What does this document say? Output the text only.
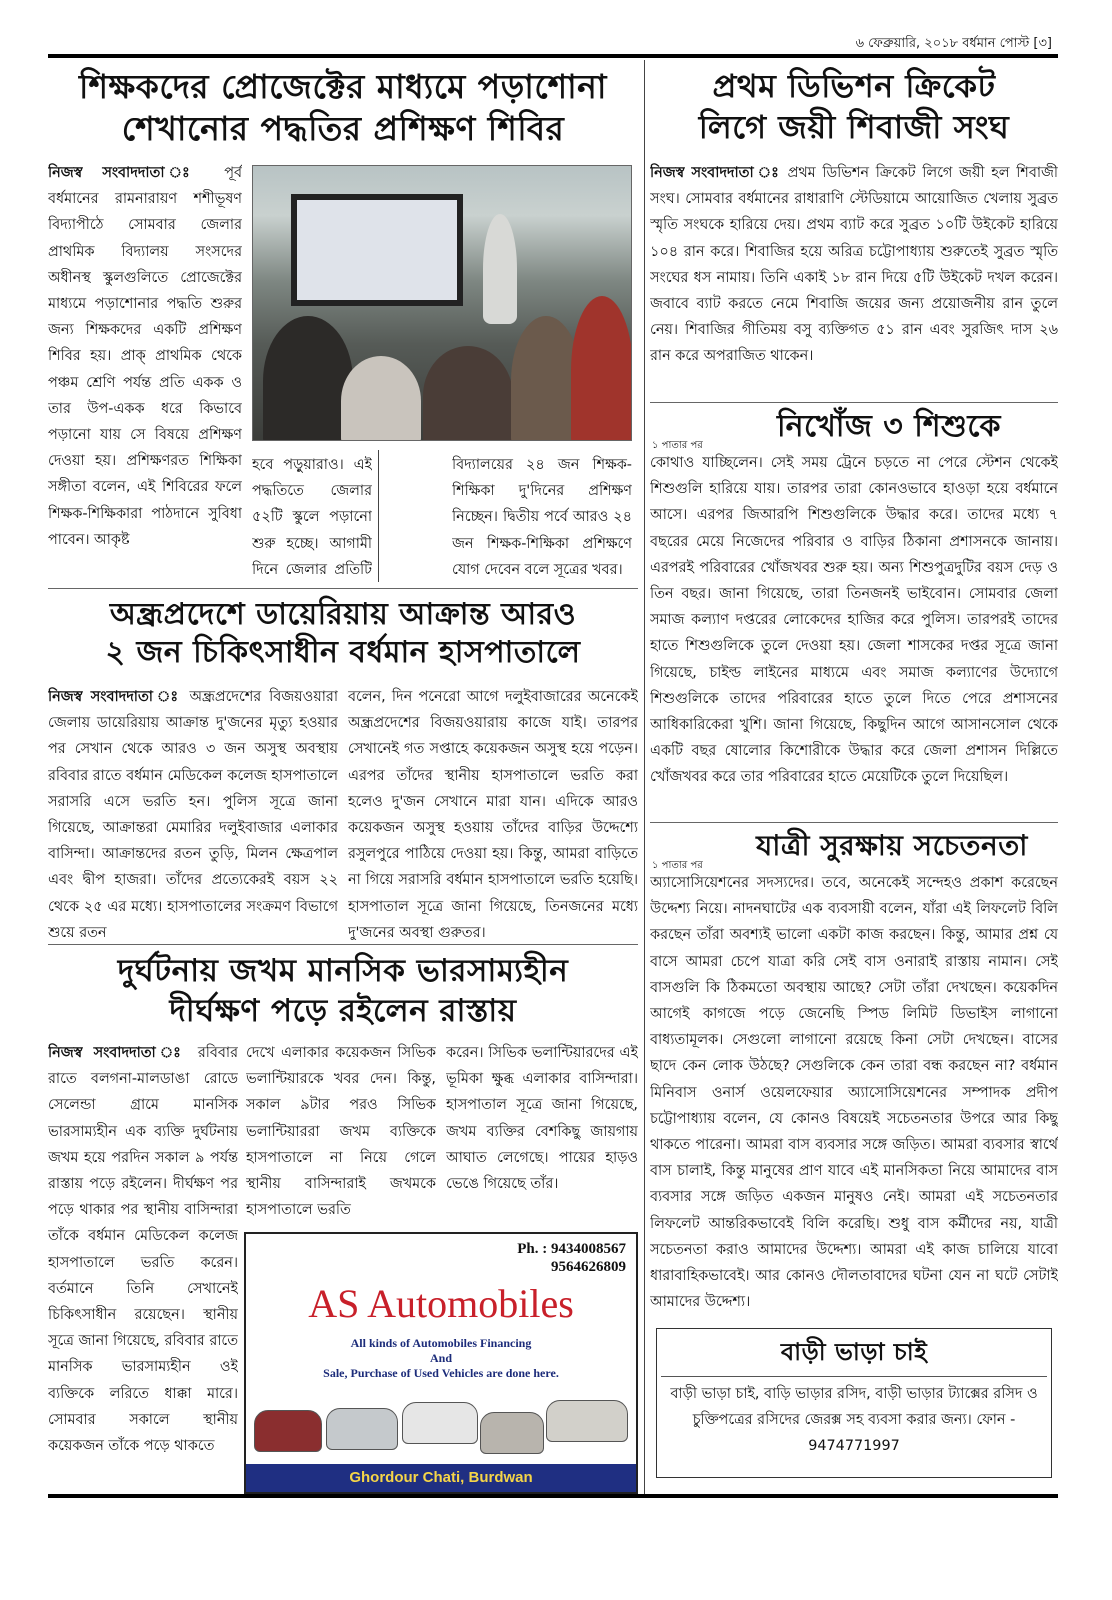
৬ ফেব্রুয়ারি, ২০১৮ বর্ধমান পোস্ট [৩]
শিক্ষকদের প্রোজেক্টের মাধ্যমে পড়াশোনা
শেখানোর পদ্ধতির প্রশিক্ষণ শিবির
নিজস্ব সংবাদদাতা ঃ পূর্ব বর্ধমানের রামনারায়ণ শশীভূষণ বিদ্যাপীঠে সোমবার জেলার প্রাথমিক বিদ্যালয় সংসদের অধীনস্থ স্কুলগুলিতে প্রোজেক্টের মাধ্যমে পড়াশোনার পদ্ধতি শুরুর জন্য শিক্ষকদের একটি প্রশিক্ষণ শিবির হয়। প্রাক্ প্রাথমিক থেকে পঞ্চম শ্রেণি পর্যন্ত প্রতি একক ও তার উপ-একক ধরে কিভাবে পড়ানো যায় সে বিষয়ে প্রশিক্ষণ দেওয়া হয়। প্রশিক্ষণরত শিক্ষিকা সঙ্গীতা বলেন, এই শিবিরের ফলে শিক্ষক-শিক্ষিকারা পাঠদানে সুবিধা পাবেন। আকৃষ্ট
হবে পড়ুয়ারাও। এই পদ্ধতিতে জেলার ৫২টি স্কুলে পড়ানো শুরু হচ্ছে। আগামী দিনে জেলার প্রতিটি
বিদ্যালয়ের ২৪ জন শিক্ষক-শিক্ষিকা দু'দিনের প্রশিক্ষণ নিচ্ছেন। দ্বিতীয় পর্বে আরও ২৪ জন শিক্ষক-শিক্ষিকা প্রশিক্ষণে যোগ দেবেন বলে সূত্রের খবর।
অন্ধ্রপ্রদেশে ডায়েরিয়ায় আক্রান্ত আরও
২ জন চিকিৎসাধীন বর্ধমান হাসপাতালে
নিজস্ব সংবাদদাতা ঃ অন্ধ্রপ্রদেশের বিজয়ওয়ারা জেলায় ডায়েরিয়ায় আক্রান্ত দু'জনের মৃত্যু হওয়ার পর সেখান থেকে আরও ৩ জন অসুস্থ অবস্থায় রবিবার রাতে বর্ধমান মেডিকেল কলেজ হাসপাতালে সরাসরি এসে ভরতি হন। পুলিস সূত্রে জানা গিয়েছে, আক্রান্তরা মেমারির দলুইবাজার এলাকার বাসিন্দা। আক্রান্তদের রতন তুড়ি, মিলন ক্ষেত্রপাল এবং দ্বীপ হাজরা। তাঁদের প্রত্যেকেরই বয়স ২২ থেকে ২৫ এর মধ্যে। হাসপাতালের সংক্রমণ বিভাগে শুয়ে রতন
বলেন, দিন পনেরো আগে দলুইবাজারের অনেকেই অন্ধ্রপ্রদেশের বিজয়ওয়ারায় কাজে যাই। তারপর সেখানেই গত সপ্তাহে কয়েকজন অসুস্থ হয়ে পড়েন। এরপর তাঁদের স্থানীয় হাসপাতালে ভরতি করা হলেও দু'জন সেখানে মারা যান। এদিকে আরও কয়েকজন অসুস্থ হওয়ায় তাঁদের বাড়ির উদ্দেশ্যে রসুলপুরে পাঠিয়ে দেওয়া হয়। কিন্তু, আমরা বাড়িতে না গিয়ে সরাসরি বর্ধমান হাসপাতালে ভরতি হয়েছি। হাসপাতাল সূত্রে জানা গিয়েছে, তিনজনের মধ্যে দু'জনের অবস্থা গুরুতর।
দুর্ঘটনায় জখম মানসিক ভারসাম্যহীন
দীর্ঘক্ষণ পড়ে রইলেন রাস্তায়
নিজস্ব সংবাদদাতা ঃ রবিবার রাতে বলগনা-মালডাঙা রোডে সেলেন্ডা গ্রামে মানসিক ভারসাম্যহীন এক ব্যক্তি দুর্ঘটনায় জখম হয়ে পরদিন সকাল ৯ পর্যন্ত রাস্তায় পড়ে রইলেন। দীর্ঘক্ষণ পর পড়ে থাকার পর স্থানীয় বাসিন্দারা তাঁকে বর্ধমান মেডিকেল কলেজ হাসপাতালে ভরতি করেন। বর্তমানে তিনি সেখানেই চিকিৎসাধীন রয়েছেন। স্থানীয় সূত্রে জানা গিয়েছে, রবিবার রাতে মানসিক ভারসাম্যহীন ওই ব্যক্তিকে লরিতে ধাক্কা মারে। সোমবার সকালে স্থানীয় কয়েকজন তাঁকে পড়ে থাকতে
দেখে এলাকার কয়েকজন সিভিক ভলান্টিয়ারকে খবর দেন। কিন্তু, সকাল ৯টার পরও সিভিক ভলান্টিয়াররা জখম ব্যক্তিকে হাসপাতালে না নিয়ে গেলে স্থানীয় বাসিন্দারাই জখমকে হাসপাতালে ভরতি
করেন। সিভিক ভলান্টিয়ারদের এই ভূমিকা ক্ষুব্ধ এলাকার বাসিন্দারা। হাসপাতাল সূত্রে জানা গিয়েছে, জখম ব্যক্তির বেশকিছু জায়গায় আঘাত লেগেছে। পায়ের হাড়ও ভেঙে গিয়েছে তাঁর।
Ph. : 9434008567
9564626809
AS Automobiles
All kinds of Automobiles Financing
And
Sale, Purchase of Used Vehicles are done here.
Ghordour Chati, Burdwan
প্রথম ডিভিশন ক্রিকেট
লিগে জয়ী শিবাজী সংঘ
নিজস্ব সংবাদদাতা ঃ প্রথম ডিভিশন ক্রিকেট লিগে জয়ী হল শিবাজী সংঘ। সোমবার বর্ধমানের রাধারাণি স্টেডিয়ামে আয়োজিত খেলায় সুব্রত স্মৃতি সংঘকে হারিয়ে দেয়। প্রথম ব্যাট করে সুব্রত ১০টি উইকেট হারিয়ে ১০৪ রান করে। শিবাজির হয়ে অরিত্র চট্টোপাধ্যায় শুরুতেই সুব্রত স্মৃতি সংঘের ধস নামায়। তিনি একাই ১৮ রান দিয়ে ৫টি উইকেট দখল করেন। জবাবে ব্যাট করতে নেমে শিবাজি জয়ের জন্য প্রয়োজনীয় রান তুলে নেয়। শিবাজির গীতিময় বসু ব্যক্তিগত ৫১ রান এবং সুরজিৎ দাস ২৬ রান করে অপরাজিত থাকেন।
১ পাতার পর
নিখোঁজ ৩ শিশুকে
কোথাও যাচ্ছিলেন। সেই সময় ট্রেনে চড়তে না পেরে স্টেশন থেকেই শিশুগুলি হারিয়ে যায়। তারপর তারা কোনওভাবে হাওড়া হয়ে বর্ধমানে আসে। এরপর জিআরপি শিশুগুলিকে উদ্ধার করে। তাদের মধ্যে ৭ বছরের মেয়ে নিজেদের পরিবার ও বাড়ির ঠিকানা প্রশাসনকে জানায়। এরপরই পরিবারের খোঁজখবর শুরু হয়। অন্য শিশুপুত্রদুটির বয়স দেড় ও তিন বছর। জানা গিয়েছে, তারা তিনজনই ভাইবোন। সোমবার জেলা সমাজ কল্যাণ দপ্তরের লোকেদের হাজির করে পুলিস। তারপরই তাদের হাতে শিশুগুলিকে তুলে দেওয়া হয়। জেলা শাসকের দপ্তর সূত্রে জানা গিয়েছে, চাইল্ড লাইনের মাধ্যমে এবং সমাজ কল্যাণের উদ্যোগে শিশুগুলিকে তাদের পরিবারের হাতে তুলে দিতে পেরে প্রশাসনের আধিকারিকেরা খুশি। জানা গিয়েছে, কিছুদিন আগে আসানসোল থেকে একটি বছর ষোলোর কিশোরীকে উদ্ধার করে জেলা প্রশাসন দিল্লিতে খোঁজখবর করে তার পরিবারের হাতে মেয়েটিকে তুলে দিয়েছিল।
১ পাতার পর
যাত্রী সুরক্ষায় সচেতনতা
অ্যাসোসিয়েশনের সদস্যদের। তবে, অনেকেই সন্দেহও প্রকাশ করেছেন উদ্দেশ্য নিয়ে। নাদনঘাটের এক ব্যবসায়ী বলেন, যাঁরা এই লিফলেট বিলি করছেন তাঁরা অবশ্যই ভালো একটা কাজ করছেন। কিন্তু, আমার প্রশ্ন যে বাসে আমরা চেপে যাত্রা করি সেই বাস ওনারাই রাস্তায় নামান। সেই বাসগুলি কি ঠিকমতো অবস্থায় আছে? সেটা তাঁরা দেখছেন। কয়েকদিন আগেই কাগজে পড়ে জেনেছি স্পিড লিমিট ডিভাইস লাগানো বাধ্যতামূলক। সেগুলো লাগানো রয়েছে কিনা সেটা দেখছেন। বাসের ছাদে কেন লোক উঠছে? সেগুলিকে কেন তারা বন্ধ করছেন না? বর্ধমান মিনিবাস ওনার্স ওয়েলফেয়ার অ্যাসোসিয়েশনের সম্পাদক প্রদীপ চট্টোপাধ্যায় বলেন, যে কোনও বিষয়েই সচেতনতার উপরে আর কিছু থাকতে পারেনা। আমরা বাস ব্যবসার সঙ্গে জড়িত। আমরা ব্যবসার স্বার্থে বাস চালাই, কিন্তু মানুষের প্রাণ যাবে এই মানসিকতা নিয়ে আমাদের বাস ব্যবসার সঙ্গে জড়িত একজন মানুষও নেই। আমরা এই সচেতনতার লিফলেট আন্তরিকভাবেই বিলি করেছি। শুধু বাস কর্মীদের নয়, যাত্রী সচেতনতা করাও আমাদের উদ্দেশ্য। আমরা এই কাজ চালিয়ে যাবো ধারাবাহিকভাবেই। আর কোনও দৌলতাবাদের ঘটনা যেন না ঘটে সেটাই আমাদের উদ্দেশ্য।
বাড়ী ভাড়া চাই
বাড়ী ভাড়া চাই, বাড়ি ভাড়ার রসিদ, বাড়ী ভাড়ার ট্যাক্সের রসিদ ও চুক্তিপত্রের রসিদের জেরক্স সহ ব্যবসা করার জন্য। ফোন - 9474771997
